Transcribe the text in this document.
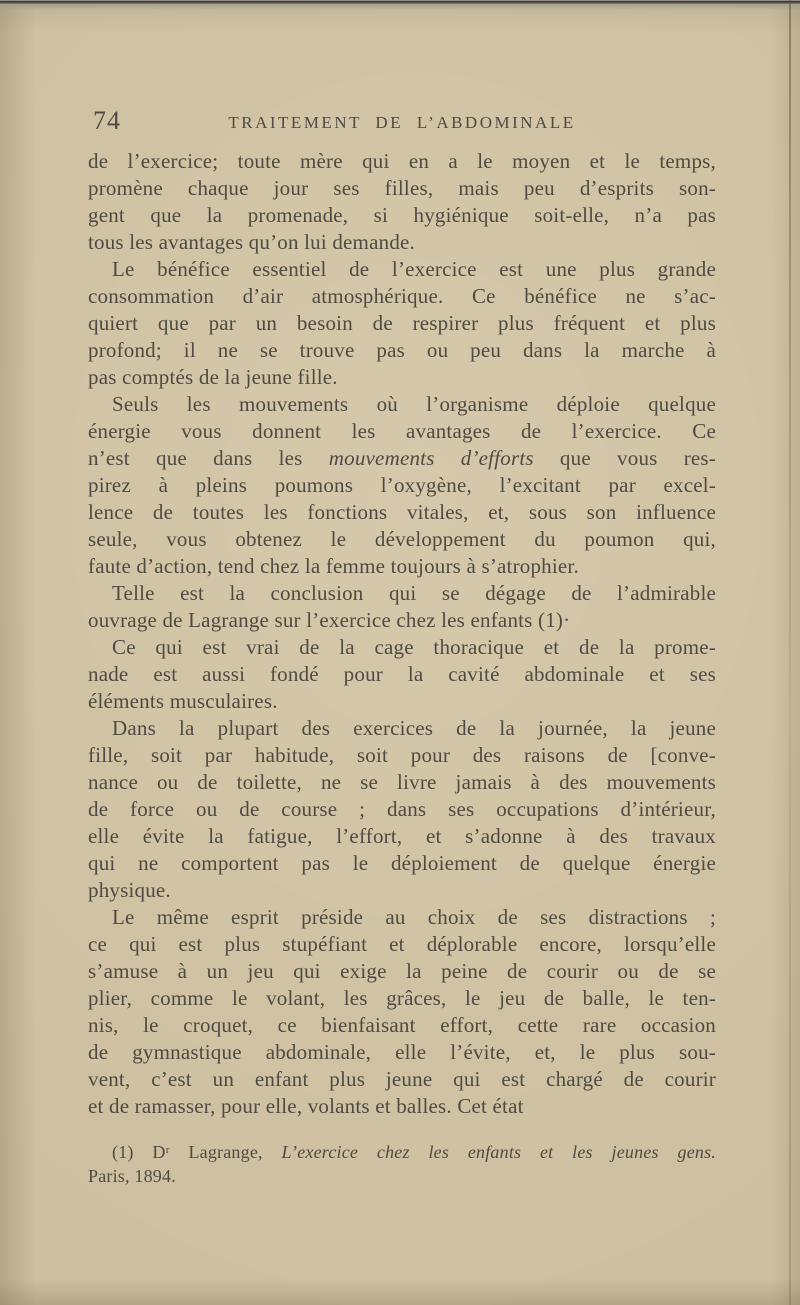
74	TRAITEMENT DE L’ABDOMINALE
de l’exercice; toute mère qui en a le moyen et le temps,
promène chaque jour ses filles, mais peu d’esprits son-
gent que la promenade, si hygiénique soit-elle, n’a pas
tous les avantages qu’on lui demande.
Le bénéfice essentiel de l’exercice est une plus grande
consommation d’air atmosphérique. Ce bénéfice ne s’ac-
quiert que par un besoin de respirer plus fréquent et plus
profond; il ne se trouve pas ou peu dans la marche à
pas comptés de la jeune fille.
Seuls les mouvements où l’organisme déploie quelque
énergie vous donnent les avantages de l’exercice. Ce
n’est que dans les mouvements d’efforts que vous res-
pirez à pleins poumons l’oxygène, l’excitant par excel-
lence de toutes les fonctions vitales, et, sous son influence
seule, vous obtenez le développement du poumon qui,
faute d’action, tend chez la femme toujours à s’atrophier.
Telle est la conclusion qui se dégage de l’admirable
ouvrage de Lagrange sur l’exercice chez les enfants (1)·
Ce qui est vrai de la cage thoracique et de la prome-
nade est aussi fondé pour la cavité abdominale et ses
éléments musculaires.
Dans la plupart des exercices de la journée, la jeune
fille, soit par habitude, soit pour des raisons de [conve-
nance ou de toilette, ne se livre jamais à des mouvements
de force ou de course ; dans ses occupations d’intérieur,
elle évite la fatigue, l’effort, et s’adonne à des travaux
qui ne comportent pas le déploiement de quelque énergie
physique.
Le même esprit préside au choix de ses distractions ;
ce qui est plus stupéfiant et déplorable encore, lorsqu’elle
s’amuse à un jeu qui exige la peine de courir ou de se
plier, comme le volant, les grâces, le jeu de balle, le ten-
nis, le croquet, ce bienfaisant effort, cette rare occasion
de gymnastique abdominale, elle l’évite, et, le plus sou-
vent, c’est un enfant plus jeune qui est chargé de courir
et de ramasser, pour elle, volants et balles. Cet état
(1) Dʳ Lagrange, L’exercice chez les enfants et les jeunes gens.
Paris, 1894.
